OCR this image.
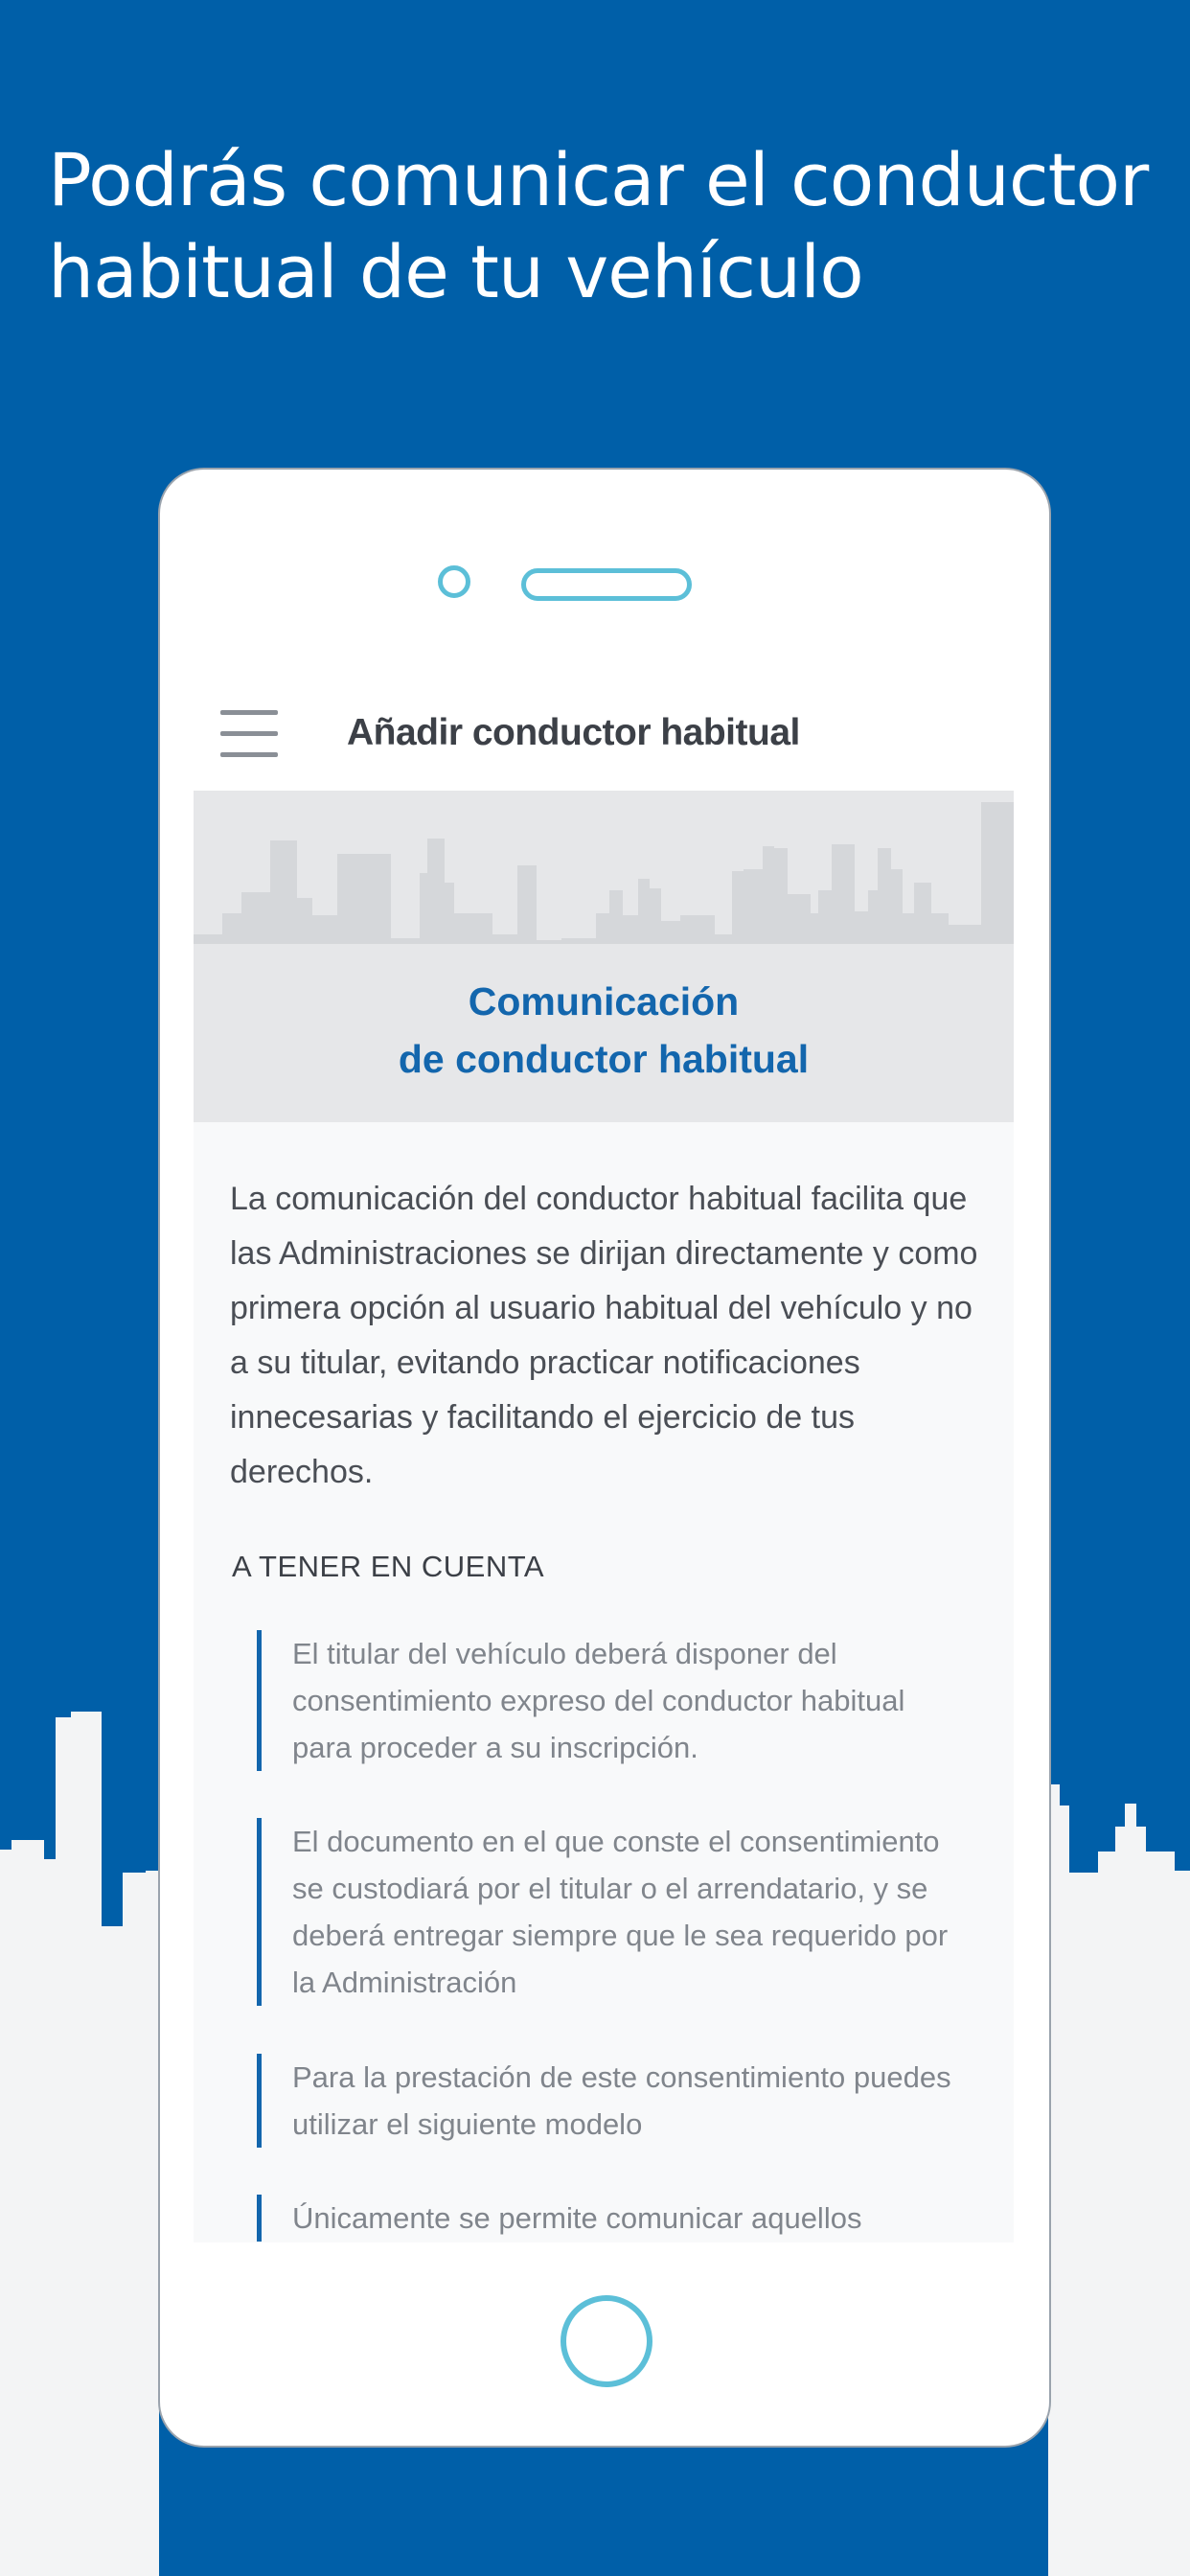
Podrás comunicar el conductor
habitual de tu vehículo
Añadir conductor habitual
Comunicación
de conductor habitual

La comunicación del conductor habitual facilita que las Administraciones se dirijan directamente y como primera opción al usuario habitual del vehículo y no a su titular, evitando practicar notificaciones innecesarias y facilitando el ejercicio de tus derechos.

A TENER EN CUENTA
El titular del vehículo deberá disponer del consentimiento expreso del conductor habitual para proceder a su inscripción.
El documento en el que conste el consentimiento se custodiará por el titular o el arrendatario, y se deberá entregar siempre que le sea requerido por la Administración
Para la prestación de este consentimiento puedes utilizar el siguiente modelo
Únicamente se permite comunicar aquellos
